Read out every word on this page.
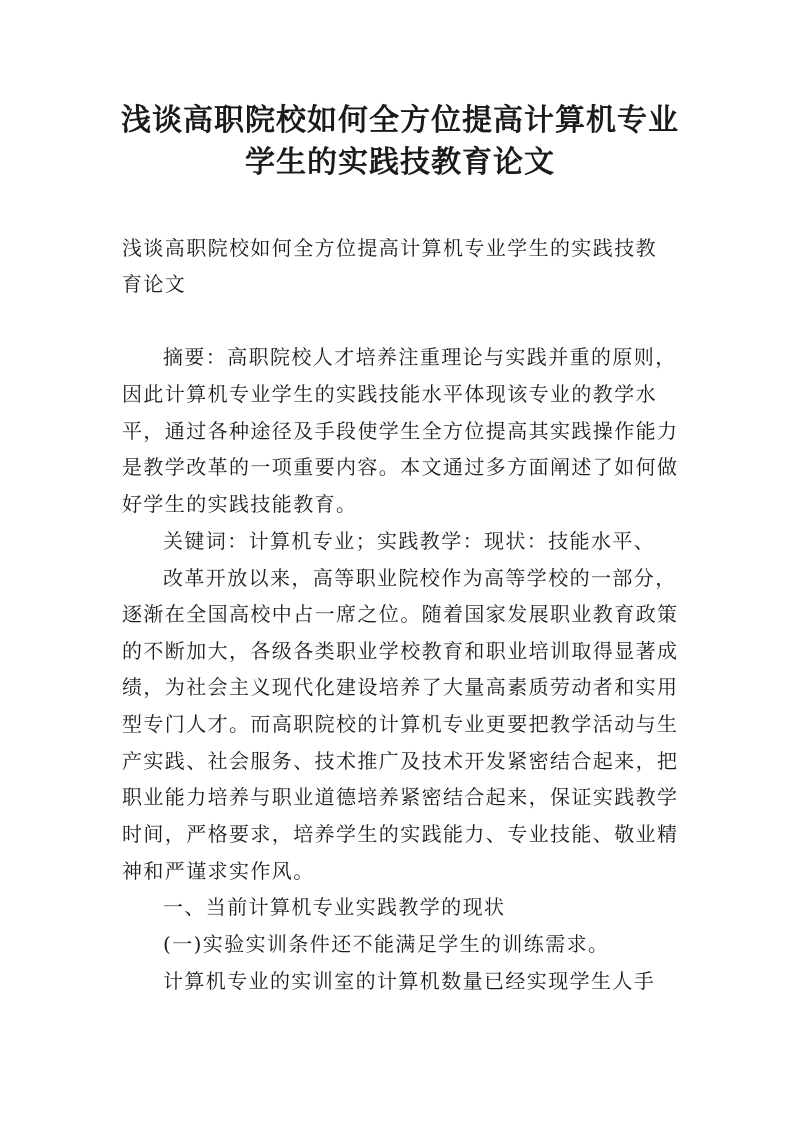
浅谈高职院校如何全方位提高计算机专业
学生的实践技教育论文
浅谈高职院校如何全方位提高计算机专业学生的实践技教
育论文
摘要：高职院校人才培养注重理论与实践并重的原则，
因此计算机专业学生的实践技能水平体现该专业的教学水
平，通过各种途径及手段使学生全方位提高其实践操作能力
是教学改革的一项重要内容。本文通过多方面阐述了如何做
好学生的实践技能教育。
关键词：计算机专业；实践教学：现状：技能水平、
改革开放以来，高等职业院校作为高等学校的一部分，
逐渐在全国高校中占一席之位。随着国家发展职业教育政策
的不断加大，各级各类职业学校教育和职业培训取得显著成
绩，为社会主义现代化建设培养了大量高素质劳动者和实用
型专门人才。而高职院校的计算机专业更要把教学活动与生
产实践、社会服务、技术推广及技术开发紧密结合起来，把
职业能力培养与职业道德培养紧密结合起来，保证实践教学
时间，严格要求，培养学生的实践能力、专业技能、敬业精
神和严谨求实作风。
一、当前计算机专业实践教学的现状
(一)实验实训条件还不能满足学生的训练需求。
计算机专业的实训室的计算机数量已经实现学生人手
